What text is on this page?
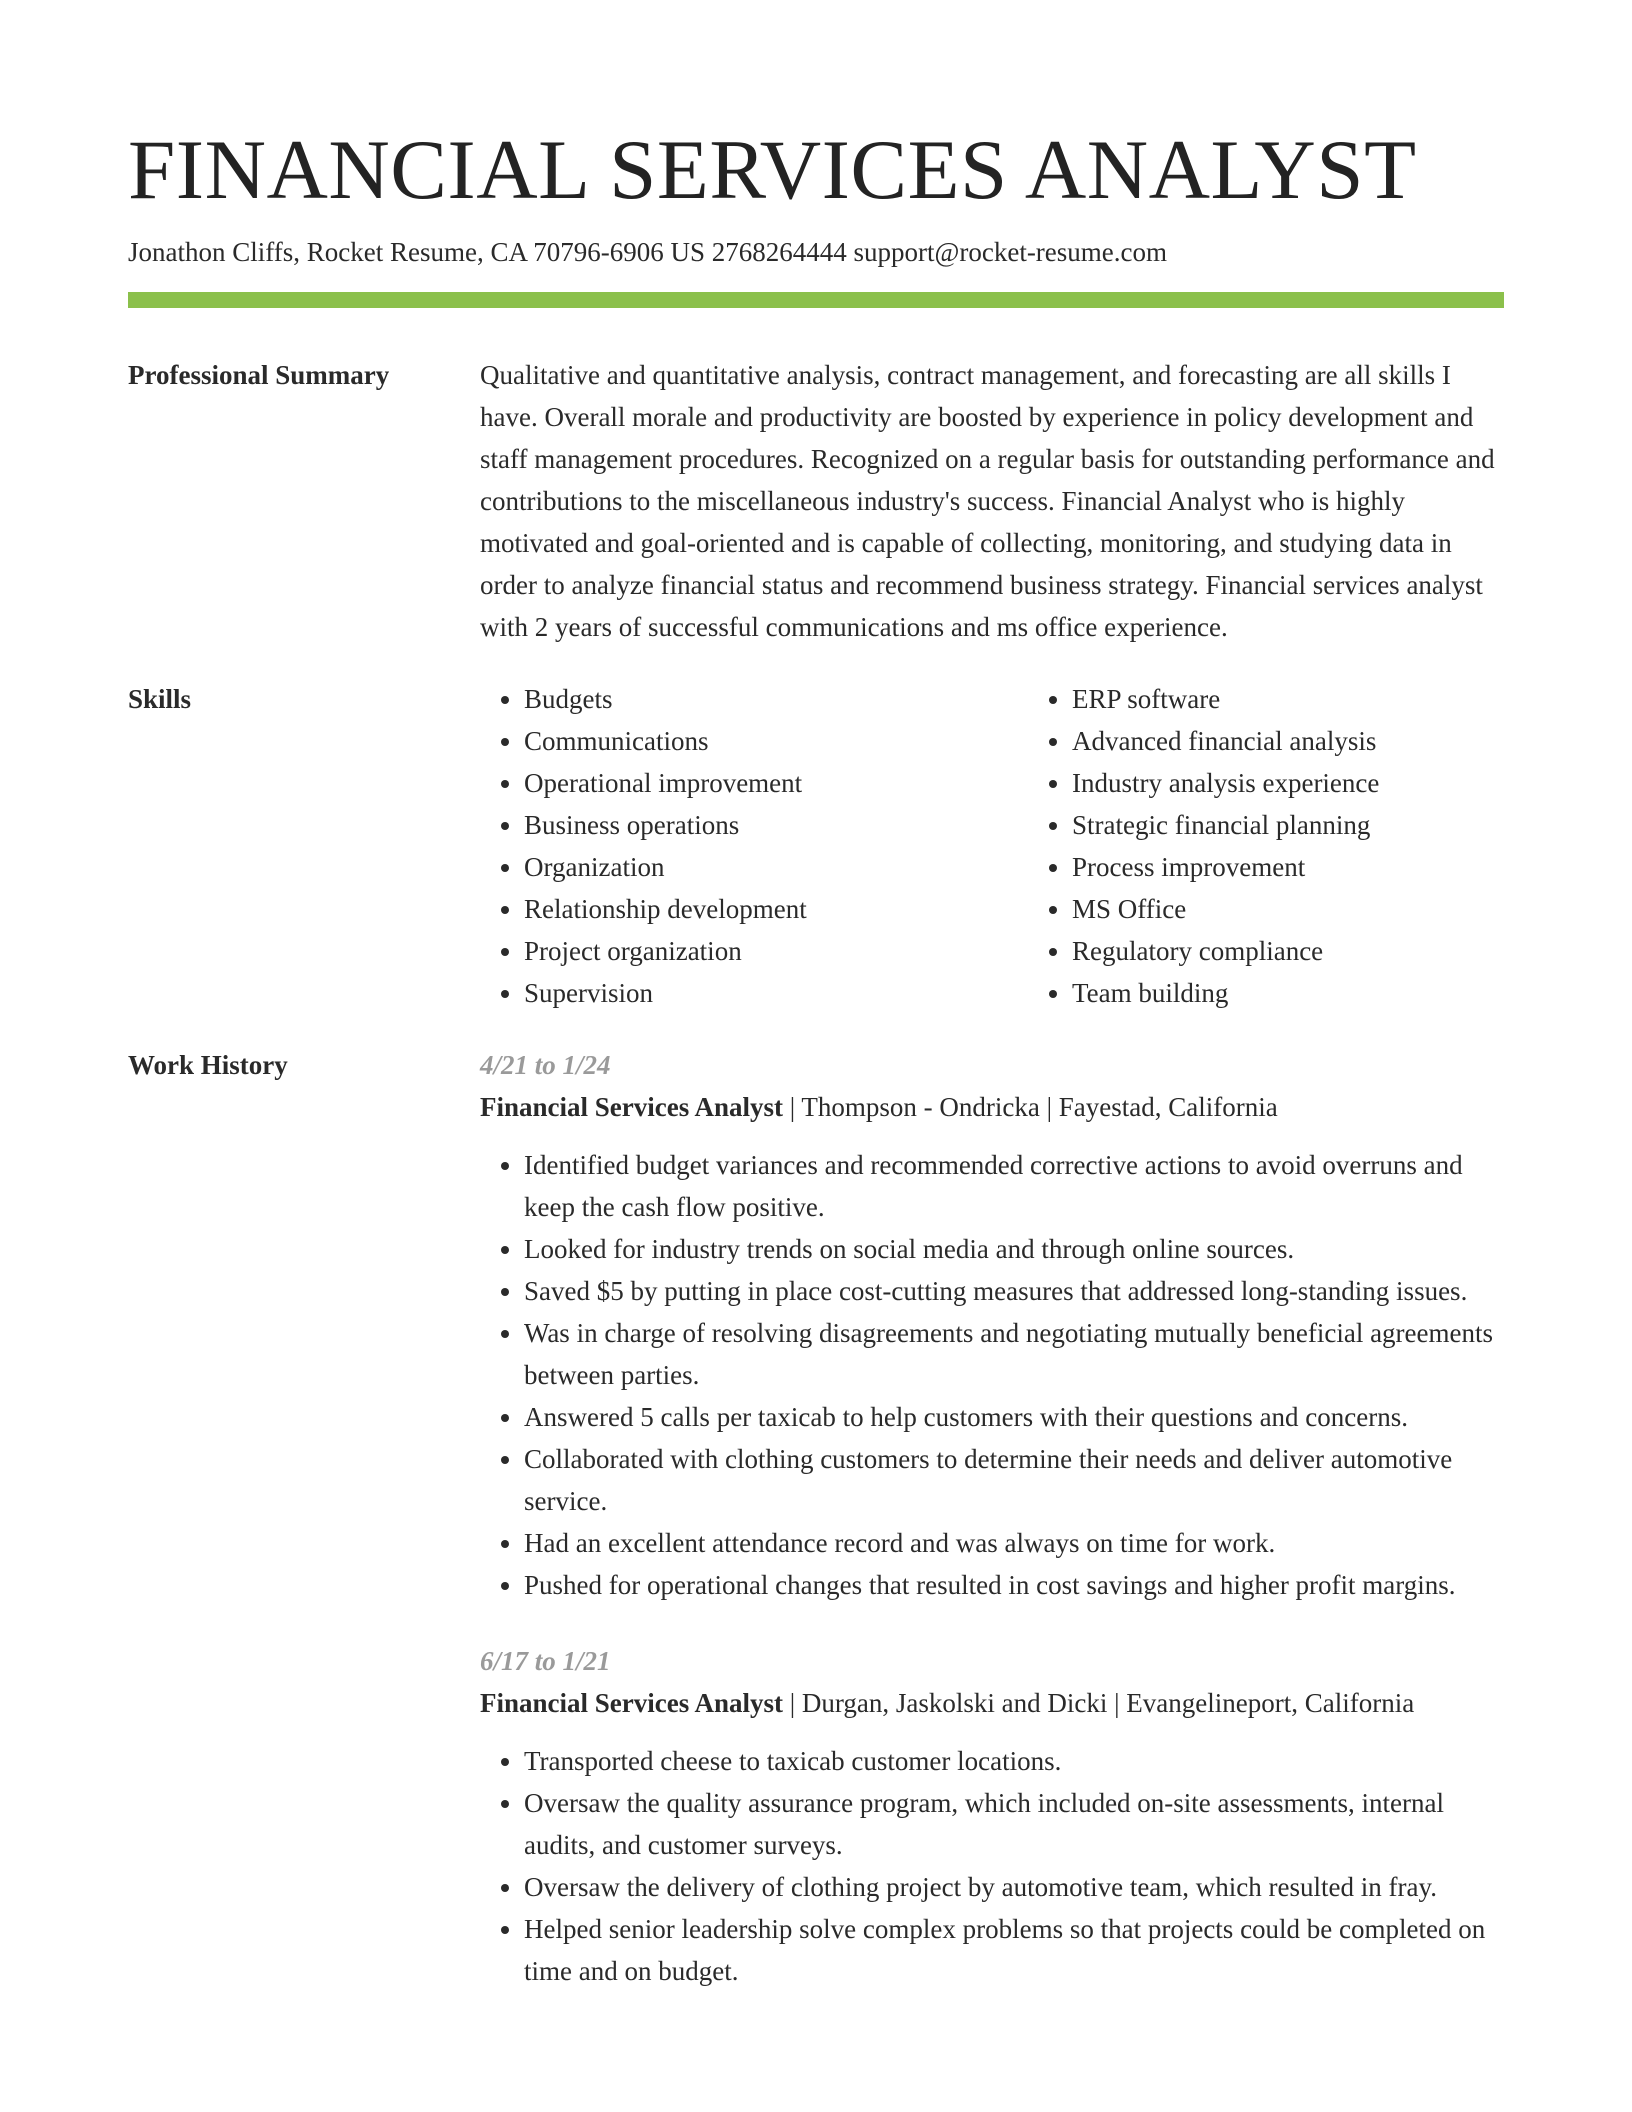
FINANCIAL SERVICES ANALYST
Jonathon Cliffs, Rocket Resume, CA 70796-6906 US 2768264444 support@rocket-resume.com
Professional Summary	Qualitative and quantitative analysis, contract management, and forecasting are all skills I have. Overall morale and productivity are boosted by experience in policy development and staff management procedures. Recognized on a regular basis for outstanding performance and contributions to the miscellaneous industry's success. Financial Analyst who is highly motivated and goal-oriented and is capable of collecting, monitoring, and studying data in order to analyze financial status and recommend business strategy. Financial services analyst with 2 years of successful communications and ms office experience.

Skills
•	Budgets
• Communications
• Operational improvement
• Business operations
• Organization
• Relationship development
• Project organization
• Supervision
• ERP software
• Advanced financial analysis
• Industry analysis experience
• Strategic financial planning
• Process improvement
• MS Office
• Regulatory compliance
• Team building
Work History	4/21 to 1/24
Financial Services Analyst | Thompson - Ondricka | Fayestad, California
• Identified budget variances and recommended corrective actions to avoid overruns and keep the cash flow positive.
• Looked for industry trends on social media and through online sources.
• Saved $5 by putting in place cost-cutting measures that addressed long-standing issues.
• Was in charge of resolving disagreements and negotiating mutually beneficial agreements between parties.
• Answered 5 calls per taxicab to help customers with their questions and concerns.
• Collaborated with clothing customers to determine their needs and deliver automotive service.
• Had an excellent attendance record and was always on time for work.
• Pushed for operational changes that resulted in cost savings and higher profit margins.
6/17 to 1/21
Financial Services Analyst | Durgan, Jaskolski and Dicki | Evangelineport, California
• Transported cheese to taxicab customer locations.
• Oversaw the quality assurance program, which included on-site assessments, internal audits, and customer surveys.
• Oversaw the delivery of clothing project by automotive team, which resulted in fray.
• Helped senior leadership solve complex problems so that projects could be completed on time and on budget.
